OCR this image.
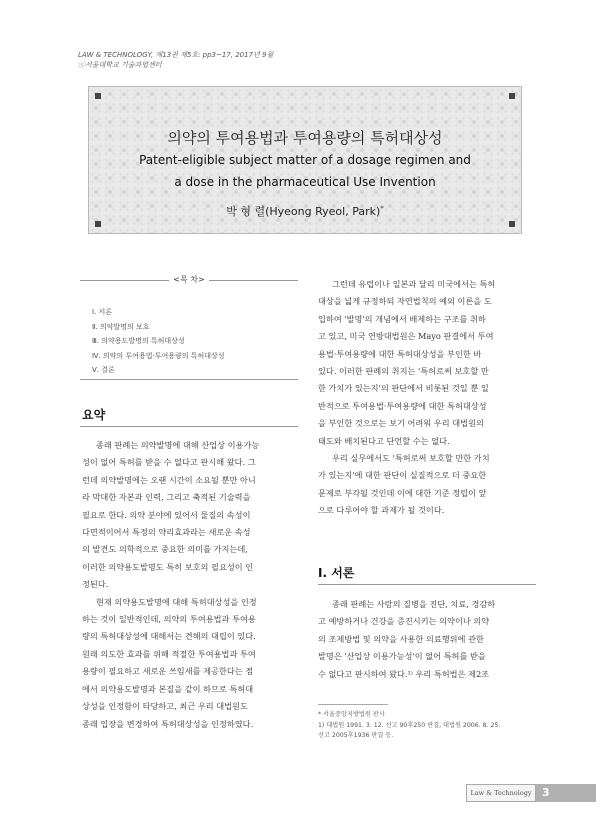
LAW & TECHNOLOGY, 제13권 제5호: pp3~17, 2017년 9월
ⓒ서울대학교 기술과법센터
의약의 투여용법과 투여용량의 특허대상성
Patent-eligible subject matter of a dosage regimen and
a dose in the pharmaceutical Use Invention
박 형 렬(Hyeong Ryeol, Park)*
<목 차>
Ⅰ. 서론
Ⅱ. 의약발명의 보호
Ⅲ. 의약용도발명의 특허대상성
Ⅳ. 의약의 투여용법·투여용량의 특허대상성
Ⅴ. 결론
요약
종래 판례는 의약발명에 대해 산업상 이용가능
성이 없어 특허를 받을 수 없다고 판시해 왔다. 그
런데 의약발명에는 오랜 시간이 소요될 뿐만 아니
라 막대한 자본과 인력, 그리고 축적된 기술력을
필요로 한다. 의약 분야에 있어서 물질의 속성이
다면적이어서 특정의 약리효과라는 새로운 속성
의 발견도 의학적으로 중요한 의미를 가지는데,
이러한 의약용도발명도 특히 보호의 필요성이 인
정된다.
현재 의약용도발명에 대해 특허대상성을 인정
하는 것이 일반적인데, 의약의 투여용법과 투여용
량의 특허대상성에 대해서는 견해의 대립이 있다.
원래 의도한 효과를 위해 적절한 투여용법과 투여
용량이 필요하고 새로운 쓰임새를 제공한다는 점
에서 의약용도발명과 본질을 같이 하므로 특허대
상성을 인정함이 타당하고, 최근 우리 대법원도
종래 입장을 변경하여 특허대상성을 인정하였다.
그런데 유럽이나 일본과 달리 미국에서는 특허
대상을 넓게 규정하되 자연법칙의 예외 이론을 도
입하여 '발명'의 개념에서 배제하는 구조를 취하
고 있고, 미국 연방대법원은 Mayo 판결에서 투여
용법·투여용량에 대한 특허대상성을 부인한 바
있다. 이러한 판례의 취지는 '특허로써 보호할 만
한 가치가 있는지'의 판단에서 비롯된 것일 뿐 일
반적으로 투여용법·투여용량에 대한 특허대상성
을 부인한 것으로는 보기 어려워 우리 대법원의
태도와 배치된다고 단언할 수는 없다.
우리 실무에서도 '특허로써 보호할 만한 가치
가 있는지'에 대한 판단이 실질적으로 더 중요한
문제로 부각될 것인데 이에 대한 기준 정립이 앞
으로 다루어야 할 과제가 될 것이다.
Ⅰ. 서론
종래 판례는 사람의 질병을 진단, 치료, 경감하
고 예방하거나 건강을 증진시키는 의약이나 의약
의 조제방법 및 의약을 사용한 의료행위에 관한
발명은 '산업상 이용가능성'이 없어 특허를 받을
수 없다고 판시하여 왔다.¹⁾ 우리 특허법은 제2조
* 서울중앙지방법원 판사
1) 대법원 1991. 3. 12. 선고 90후250 판결, 대법원 2006. 8. 25.
선고 2005후1936 판결 등.
Law & Technology 3
